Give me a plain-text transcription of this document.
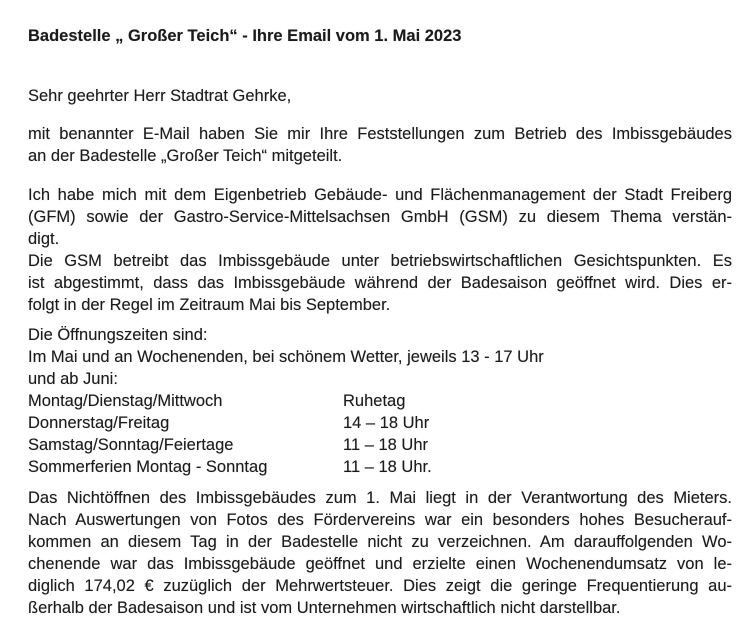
Badestelle „ Großer Teich“ - Ihre Email vom 1. Mai 2023
Sehr geehrter Herr Stadtrat Gehrke,
mit benannter E-Mail haben Sie mir Ihre Feststellungen zum Betrieb des Imbissgebäudes
an der Badestelle „Großer Teich“ mitgeteilt.
Ich habe mich mit dem Eigenbetrieb Gebäude- und Flächenmanagement der Stadt Freiberg
(GFM) sowie der Gastro-Service-Mittelsachsen GmbH (GSM) zu diesem Thema verstän-
digt.
Die GSM betreibt das Imbissgebäude unter betriebswirtschaftlichen Gesichtspunkten. Es
ist abgestimmt, dass das Imbissgebäude während der Badesaison geöffnet wird. Dies er-
folgt in der Regel im Zeitraum Mai bis September.
Die Öffnungszeiten sind:
Im Mai und an Wochenenden, bei schönem Wetter, jeweils 13 - 17 Uhr
und ab Juni:
Montag/Dienstag/Mittwoch	Ruhetag
Donnerstag/Freitag	14 – 18 Uhr
Samstag/Sonntag/Feiertage	11 – 18 Uhr
Sommerferien Montag - Sonntag	11 – 18 Uhr.
Das Nichtöffnen des Imbissgebäudes zum 1. Mai liegt in der Verantwortung des Mieters.
Nach Auswertungen von Fotos des Fördervereins war ein besonders hohes Besucherauf-
kommen an diesem Tag in der Badestelle nicht zu verzeichnen. Am darauffolgenden Wo-
chenende war das Imbissgebäude geöffnet und erzielte einen Wochenendumsatz von le-
diglich 174,02 € zuzüglich der Mehrwertsteuer. Dies zeigt die geringe Frequentierung au-
ßerhalb der Badesaison und ist vom Unternehmen wirtschaftlich nicht darstellbar.
